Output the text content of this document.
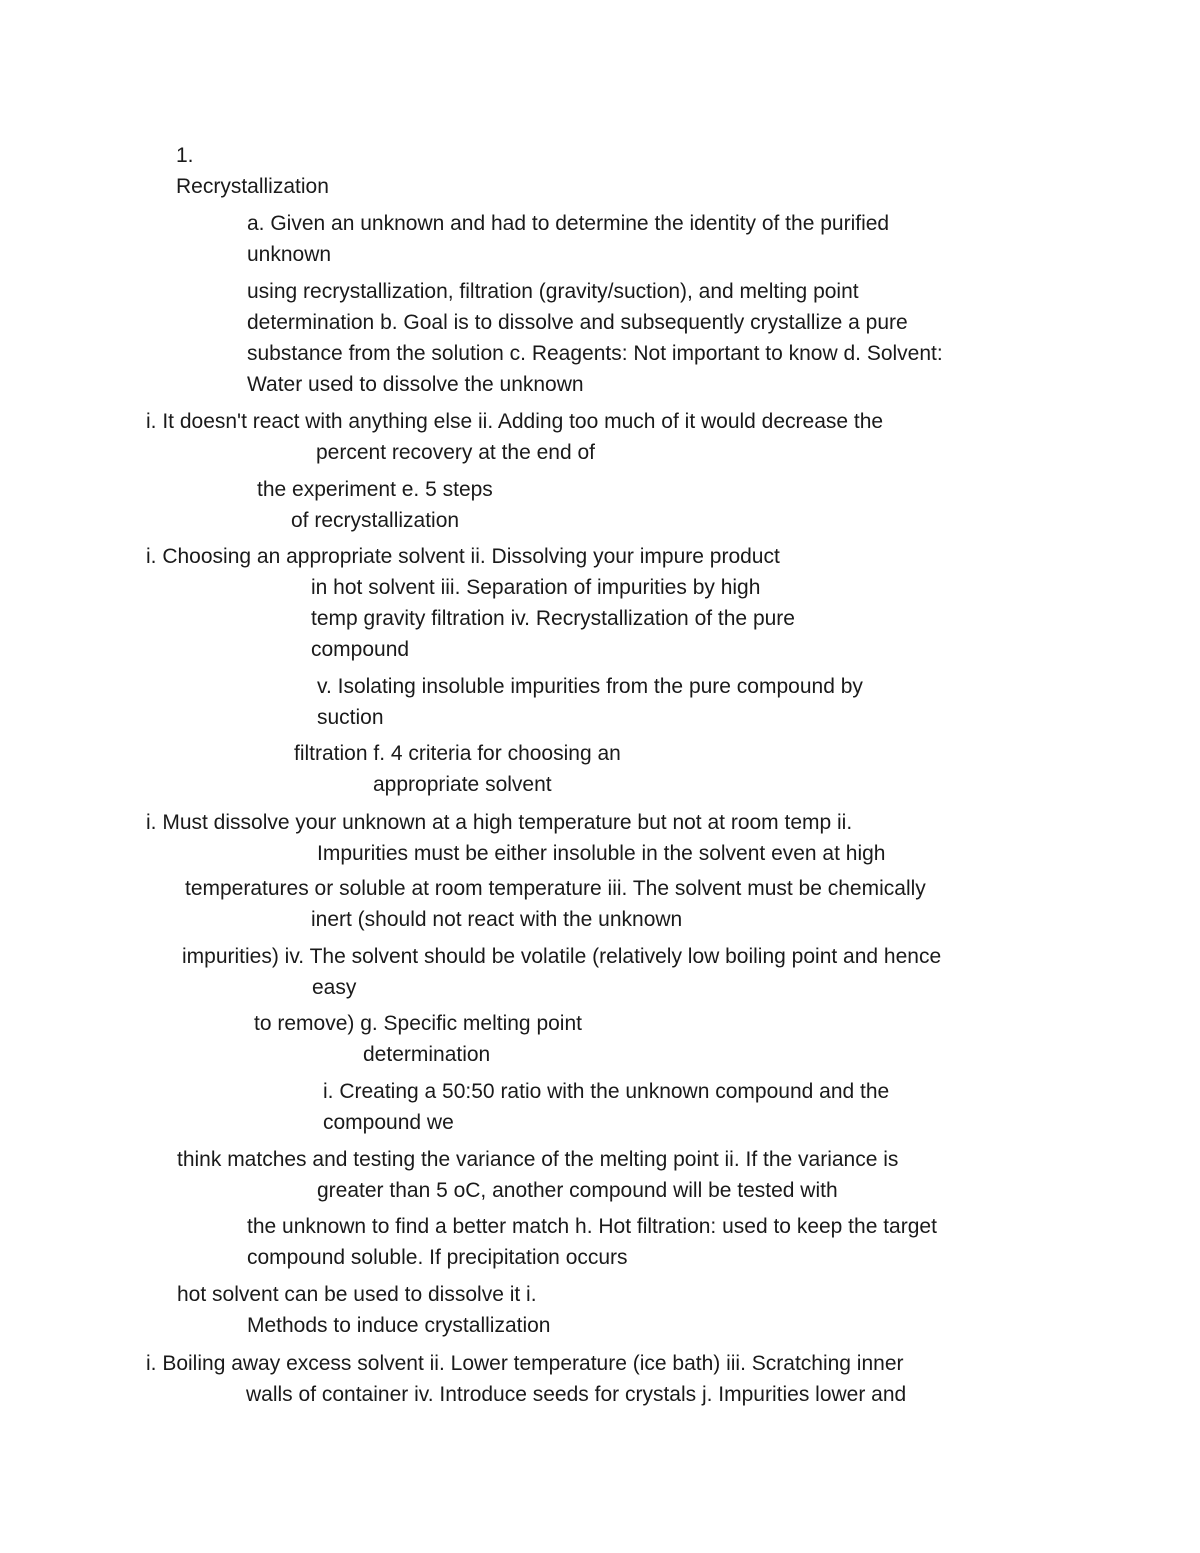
1.
Recrystallization
a. Given an unknown and had to determine the identity of the purified
unknown
using recrystallization, filtration (gravity/suction), and melting point
determination b. Goal is to dissolve and subsequently crystallize a pure
substance from the solution c. Reagents: Not important to know d. Solvent:
Water used to dissolve the unknown
i. It doesn't react with anything else ii. Adding too much of it would decrease the
percent recovery at the end of
the experiment e. 5 steps
of recrystallization
i. Choosing an appropriate solvent ii. Dissolving your impure product
in hot solvent iii. Separation of impurities by high
temp gravity filtration iv. Recrystallization of the pure
compound
v. Isolating insoluble impurities from the pure compound by
suction
filtration f. 4 criteria for choosing an
appropriate solvent
i. Must dissolve your unknown at a high temperature but not at room temp ii.
Impurities must be either insoluble in the solvent even at high
temperatures or soluble at room temperature iii. The solvent must be chemically
inert (should not react with the unknown
impurities) iv. The solvent should be volatile (relatively low boiling point and hence
easy
to remove) g. Specific melting point
determination
i. Creating a 50:50 ratio with the unknown compound and the
compound we
think matches and testing the variance of the melting point ii. If the variance is
greater than 5 oC, another compound will be tested with
the unknown to find a better match h. Hot filtration: used to keep the target
compound soluble. If precipitation occurs
hot solvent can be used to dissolve it i.
Methods to induce crystallization
i. Boiling away excess solvent ii. Lower temperature (ice bath) iii. Scratching inner
walls of container iv. Introduce seeds for crystals j. Impurities lower and
